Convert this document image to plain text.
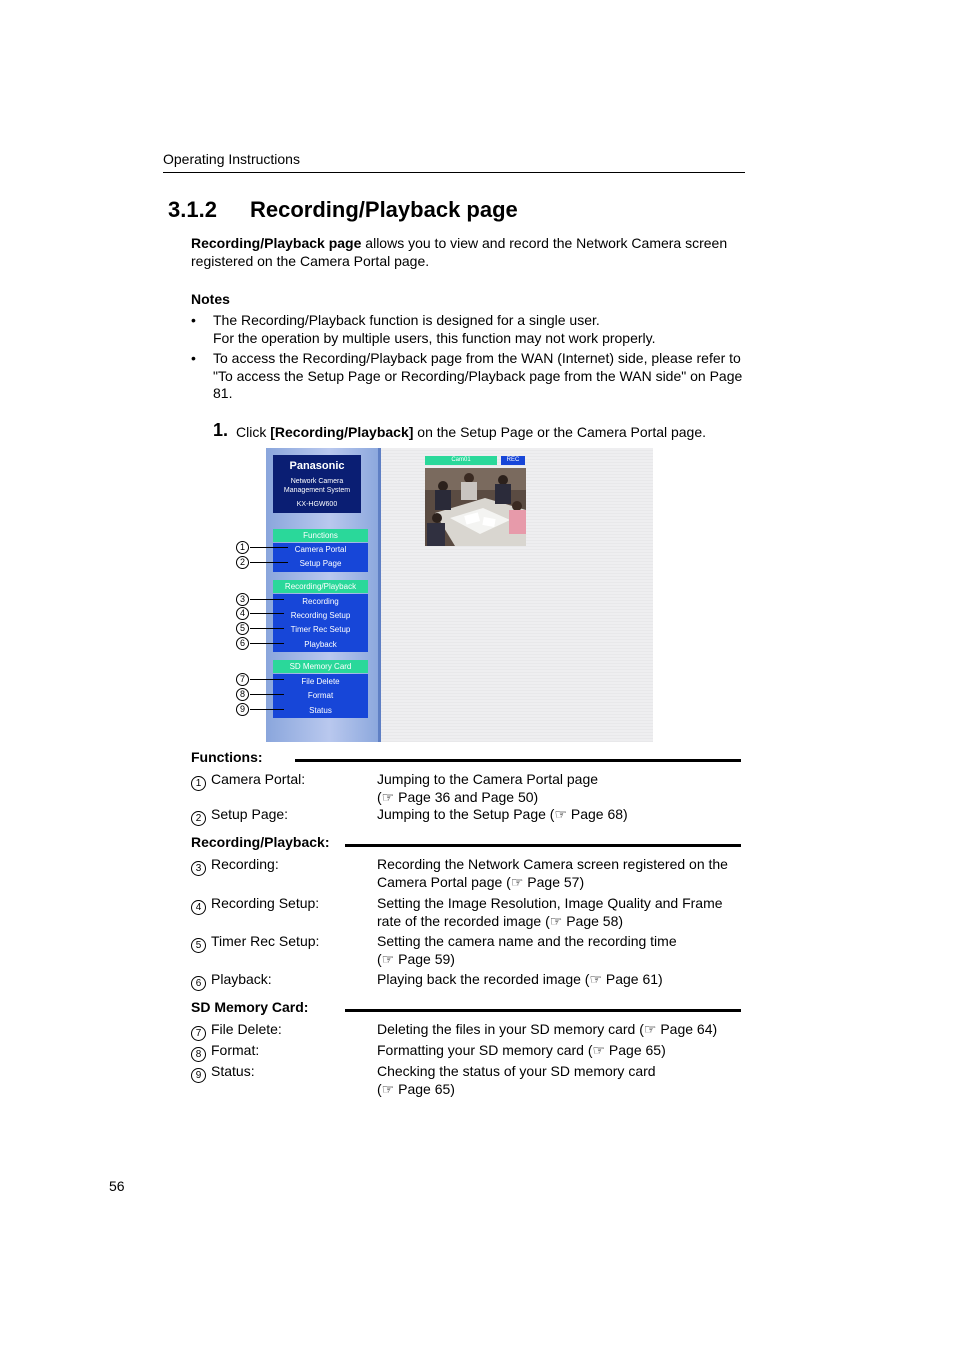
Operating Instructions
3.1.2 Recording/Playback page
Recording/Playback page allows you to view and record the Network Camera screen registered on the Camera Portal page.
Notes
• The Recording/Playback function is designed for a single user.
For the operation by multiple users, this function may not work properly.
• To access the Recording/Playback page from the WAN (Internet) side, please refer to "To access the Setup Page or Recording/Playback page from the WAN side" on Page 81.
1. Click [Recording/Playback] on the Setup Page or the Camera Portal page.
Panasonic
Network Camera
Management System
KX-HGW600
Functions
Camera Portal
Setup Page
Recording/Playback
Recording
Recording Setup
Timer Rec Setup
Playback
SD Memory Card
File Delete
Format
Status
Cam01	REC
1
2
3
4
5
6
7
8
9
Functions:
1 Camera Portal:	Jumping to the Camera Portal page
(☞ Page 36 and Page 50)
2 Setup Page:	Jumping to the Setup Page (☞ Page 68)
Recording/Playback:
3 Recording:	Recording the Network Camera screen registered on the Camera Portal page (☞ Page 57)
4 Recording Setup:	Setting the Image Resolution, Image Quality and Frame rate of the recorded image (☞ Page 58)
5 Timer Rec Setup:	Setting the camera name and the recording time
(☞ Page 59)
6 Playback:	Playing back the recorded image (☞ Page 61)
SD Memory Card:
7 File Delete:	Deleting the files in your SD memory card (☞ Page 64)
8 Format:	Formatting your SD memory card (☞ Page 65)
9 Status:	Checking the status of your SD memory card
(☞ Page 65)
56
